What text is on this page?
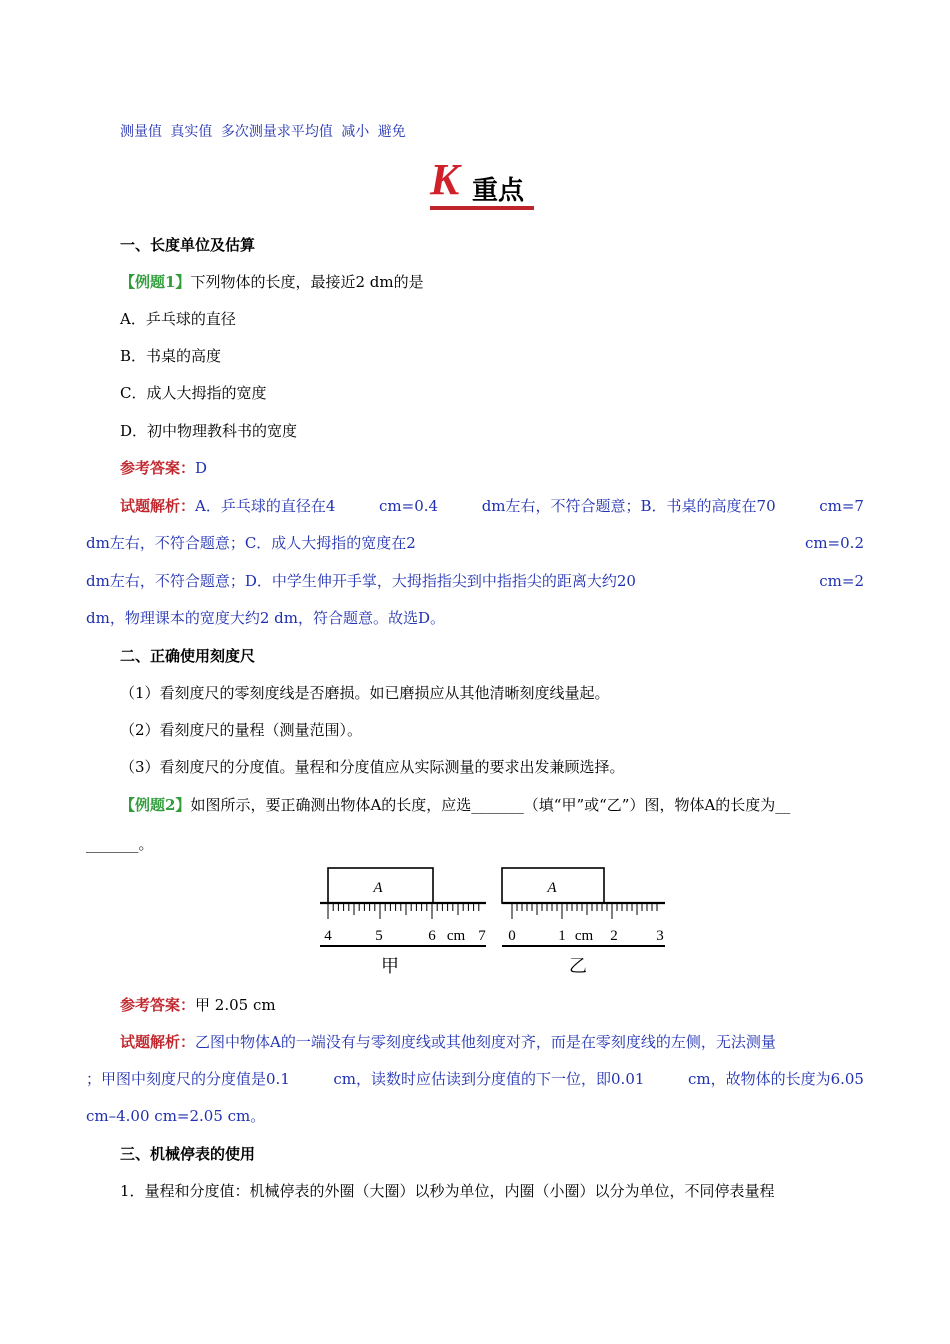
测量值 真实值 多次测量求平均值 减小 避免
K 重点
一、长度单位及估算
【例题1】下列物体的长度，最接近2 dm的是
A．乒乓球的直径
B．书桌的高度
C．成人大拇指的宽度
D．初中物理教科书的宽度
参考答案：D
试题解析：A．乒乓球的直径在4	cm=0.4	dm左右，不符合题意；B．书桌的高度在70	cm=7
dm左右，不符合题意；C．成人大拇指的宽度在2	cm=0.2
dm左右，不符合题意；D．中学生伸开手掌，大拇指指尖到中指指尖的距离大约20	cm=2
dm，物理课本的宽度大约2 dm，符合题意。故选D。
二、正确使用刻度尺
（1）看刻度尺的零刻度线是否磨损。如已磨损应从其他清晰刻度线量起。
（2）看刻度尺的量程（测量范围）。
（3）看刻度尺的分度值。量程和分度值应从实际测量的要求出发兼顾选择。
【例题2】如图所示，要正确测出物体A的长度，应选_______（填“甲”或“乙”）图，物体A的长度为__
_______。
A
4	5	6 cm 7
甲
A
0	1 cm 2	3
乙
参考答案：甲 2.05 cm
试题解析：乙图中物体A的一端没有与零刻度线或其他刻度对齐，而是在零刻度线的左侧，无法测量
；甲图中刻度尺的分度值是0.1	cm，读数时应估读到分度值的下一位，即0.01	cm，故物体的长度为6.05
cm–4.00 cm=2.05 cm。
三、机械停表的使用
1．量程和分度值：机械停表的外圈（大圈）以秒为单位，内圈（小圈）以分为单位，不同停表量程
